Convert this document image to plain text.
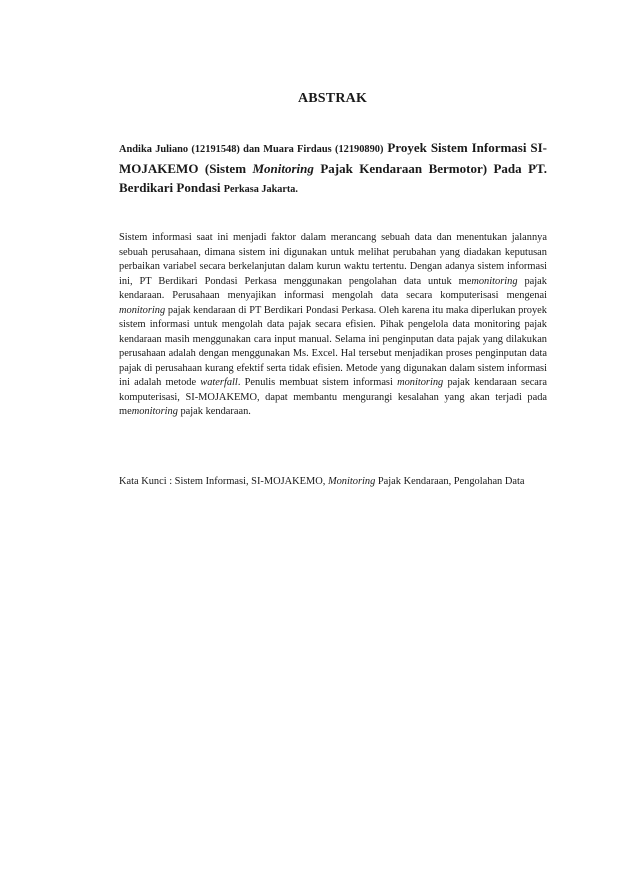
ABSTRAK
Andika Juliano (12191548) dan Muara Firdaus (12190890) Proyek Sistem Informasi SI-MOJAKEMO (Sistem Monitoring Pajak Kendaraan Bermotor) Pada PT. Berdikari Pondasi Perkasa Jakarta.
Sistem informasi saat ini menjadi faktor dalam merancang sebuah data dan menentukan jalannya sebuah perusahaan, dimana sistem ini digunakan untuk melihat perubahan yang diadakan keputusan perbaikan variabel secara berkelanjutan dalam kurun waktu tertentu. Dengan adanya sistem informasi ini, PT Berdikari Pondasi Perkasa menggunakan pengolahan data untuk memonitoring pajak kendaraan. Perusahaan menyajikan informasi mengolah data secara komputerisasi mengenai monitoring pajak kendaraan di PT Berdikari Pondasi Perkasa. Oleh karena itu maka diperlukan proyek sistem informasi untuk mengolah data pajak secara efisien. Pihak pengelola data monitoring pajak kendaraan masih menggunakan cara input manual. Selama ini penginputan data pajak yang dilakukan perusahaan adalah dengan menggunakan Ms. Excel. Hal tersebut menjadikan proses penginputan data pajak di perusahaan kurang efektif serta tidak efisien. Metode yang digunakan dalam sistem informasi ini adalah metode waterfall. Penulis membuat sistem informasi monitoring pajak kendaraan secara komputerisasi, SI-MOJAKEMO, dapat membantu mengurangi kesalahan yang akan terjadi pada memonitoring pajak kendaraan.
Kata Kunci : Sistem Informasi, SI-MOJAKEMO, Monitoring Pajak Kendaraan, Pengolahan Data
